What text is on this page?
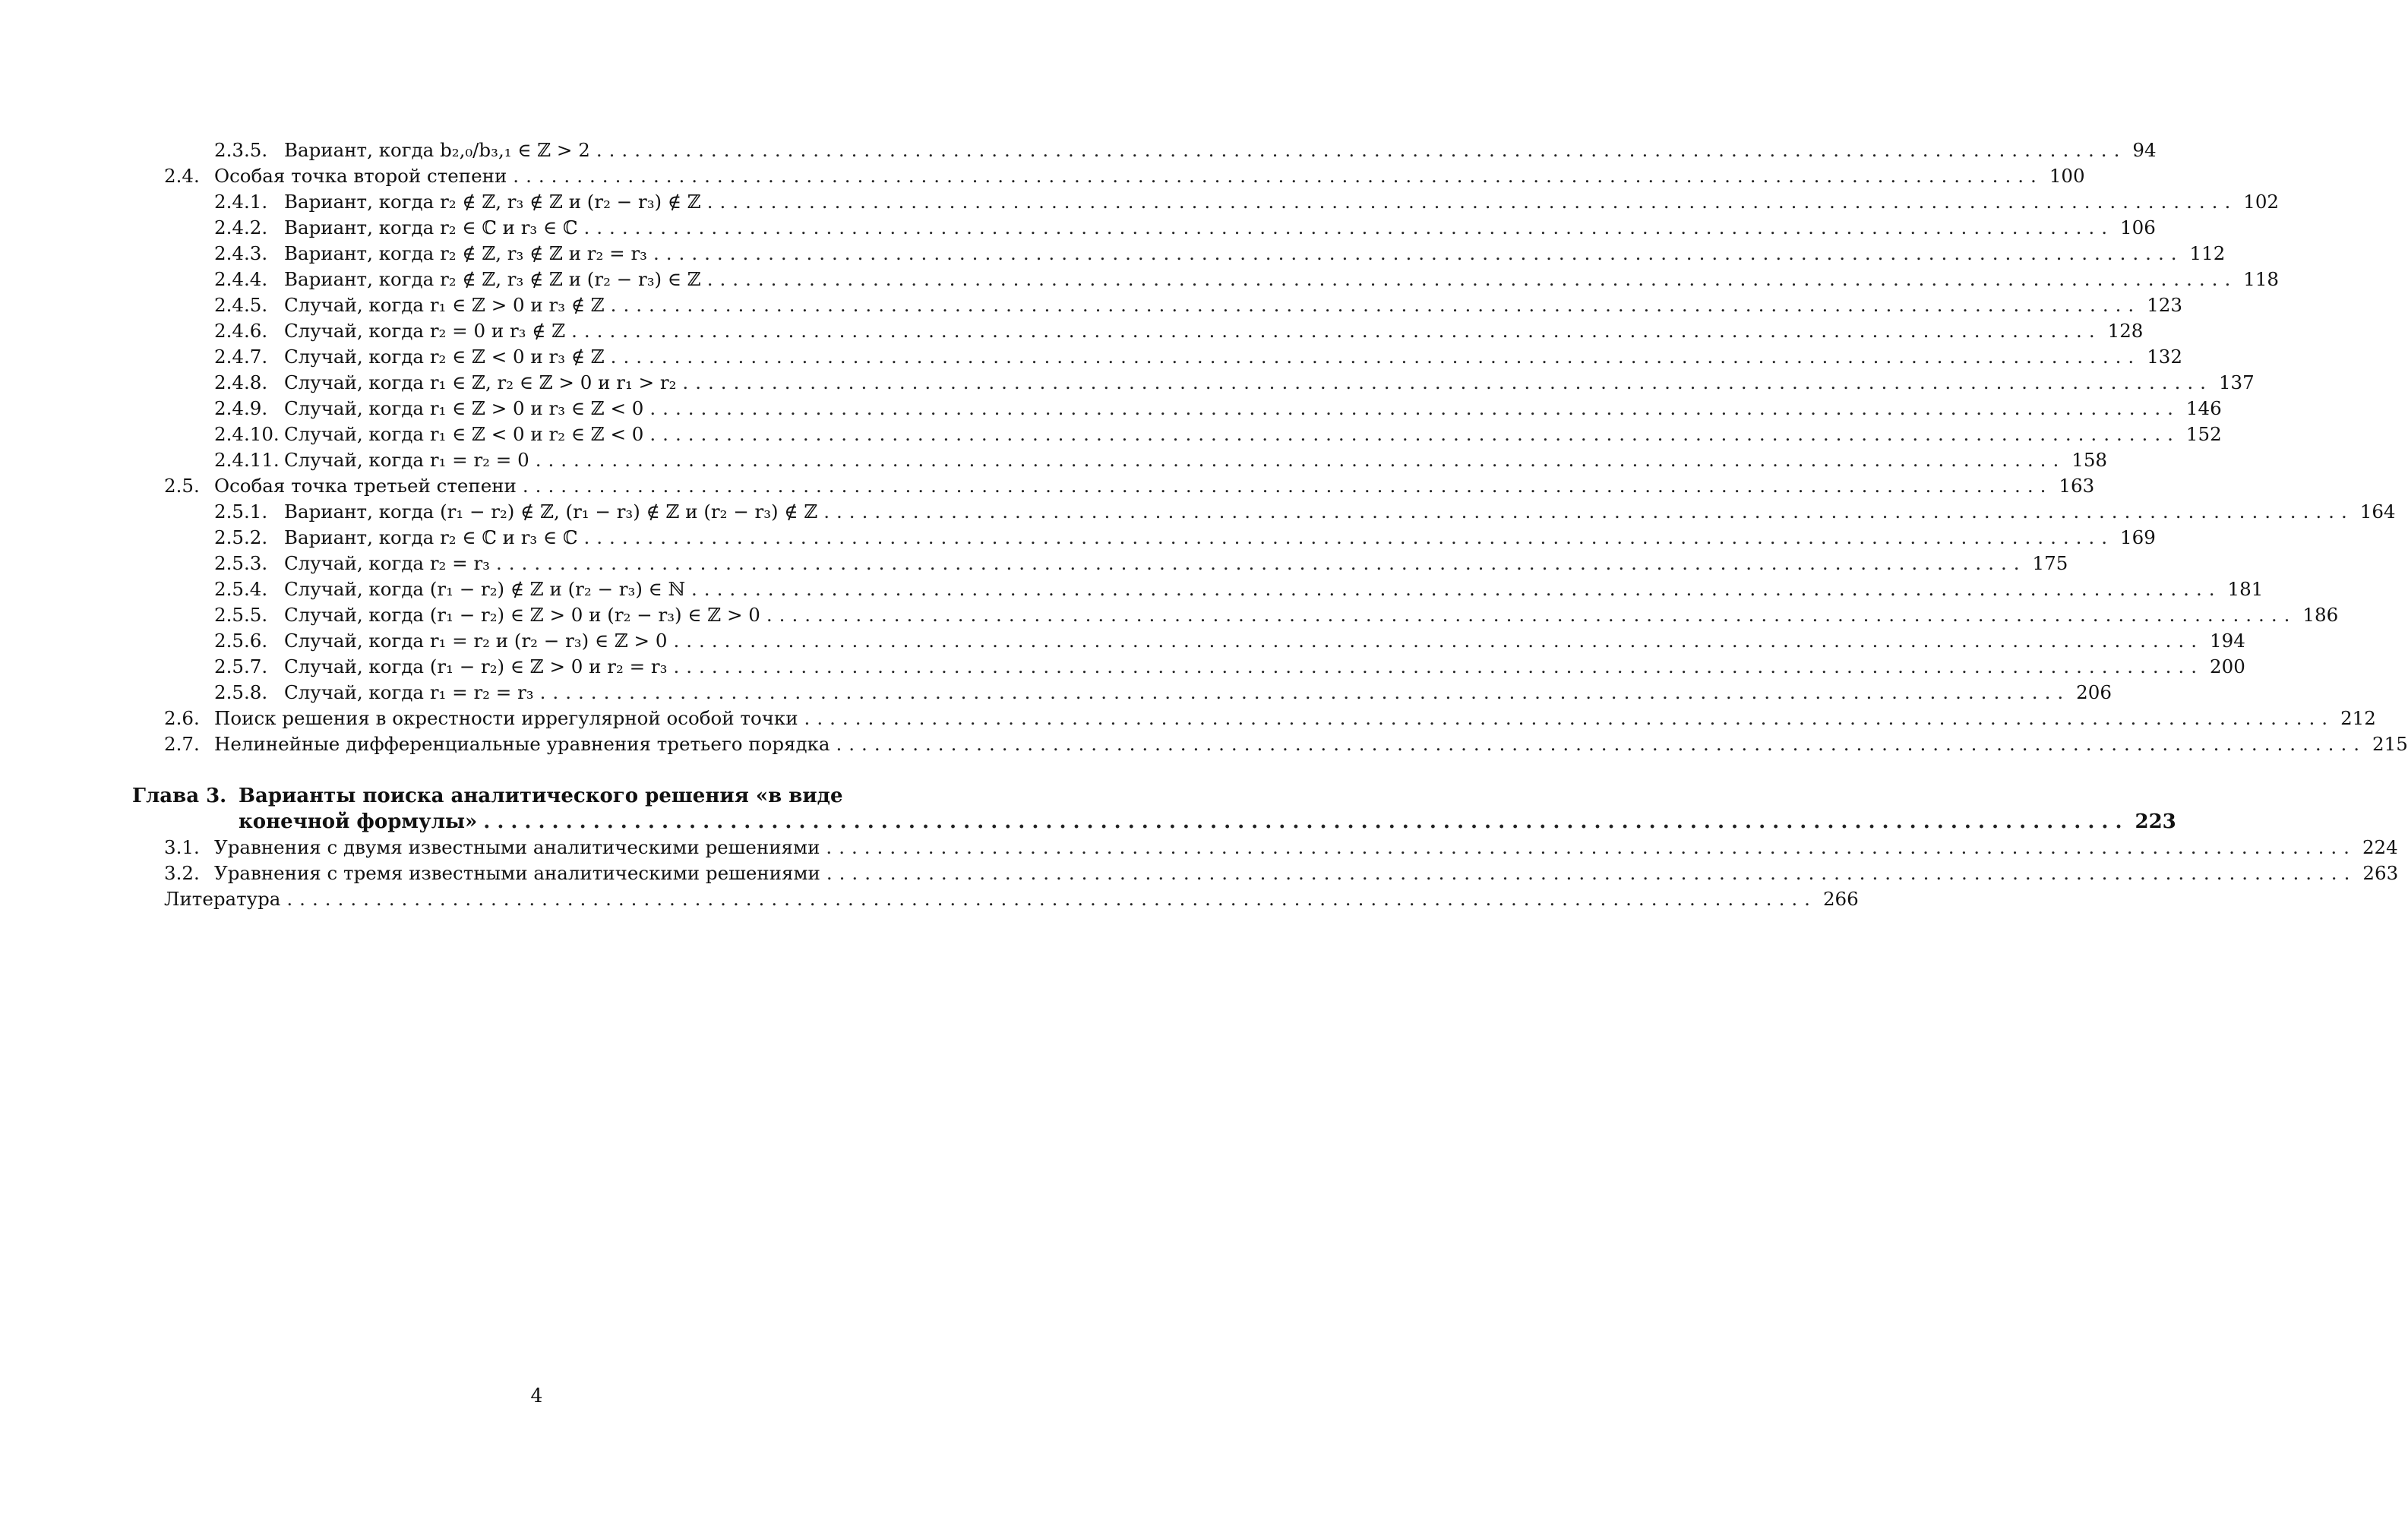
2.3.5. Вариант, когда b₂,₀/b₃,₁ ∈ ℤ > 2 ........................................................................................................................ 94
2.4. Особая точка второй степени ........................................................................................................................ 100
2.4.1. Вариант, когда r₂ ∉ ℤ, r₃ ∉ ℤ и (r₂ − r₃) ∉ ℤ ........................................................................................................................ 102
2.4.2. Вариант, когда r₂ ∈ ℂ и r₃ ∈ ℂ ........................................................................................................................ 106
2.4.3. Вариант, когда r₂ ∉ ℤ, r₃ ∉ ℤ и r₂ = r₃ ........................................................................................................................ 112
2.4.4. Вариант, когда r₂ ∉ ℤ, r₃ ∉ ℤ и (r₂ − r₃) ∈ ℤ ........................................................................................................................ 118
2.4.5. Случай, когда r₁ ∈ ℤ > 0 и r₃ ∉ ℤ ........................................................................................................................ 123
2.4.6. Случай, когда r₂ = 0 и r₃ ∉ ℤ ........................................................................................................................ 128
2.4.7. Случай, когда r₂ ∈ ℤ < 0 и r₃ ∉ ℤ ........................................................................................................................ 132
2.4.8. Случай, когда r₁ ∈ ℤ, r₂ ∈ ℤ > 0 и r₁ > r₂ ........................................................................................................................ 137
2.4.9. Случай, когда r₁ ∈ ℤ > 0 и r₃ ∈ ℤ < 0 ........................................................................................................................ 146
2.4.10. Случай, когда r₁ ∈ ℤ < 0 и r₂ ∈ ℤ < 0 ........................................................................................................................ 152
2.4.11. Случай, когда r₁ = r₂ = 0 ........................................................................................................................ 158
2.5. Особая точка третьей степени ........................................................................................................................ 163
2.5.1. Вариант, когда (r₁ − r₂) ∉ ℤ, (r₁ − r₃) ∉ ℤ и (r₂ − r₃) ∉ ℤ ........................................................................................................................ 164
2.5.2. Вариант, когда r₂ ∈ ℂ и r₃ ∈ ℂ ........................................................................................................................ 169
2.5.3. Случай, когда r₂ = r₃ ........................................................................................................................ 175
2.5.4. Случай, когда (r₁ − r₂) ∉ ℤ и (r₂ − r₃) ∈ ℕ ........................................................................................................................ 181
2.5.5. Случай, когда (r₁ − r₂) ∈ ℤ > 0 и (r₂ − r₃) ∈ ℤ > 0 ........................................................................................................................ 186
2.5.6. Случай, когда r₁ = r₂ и (r₂ − r₃) ∈ ℤ > 0 ........................................................................................................................ 194
2.5.7. Случай, когда (r₁ − r₂) ∈ ℤ > 0 и r₂ = r₃ ........................................................................................................................ 200
2.5.8. Случай, когда r₁ = r₂ = r₃ ........................................................................................................................ 206
2.6. Поиск решения в окрестности иррегулярной особой точки ........................................................................................................................ 212
2.7. Нелинейные дифференциальные уравнения третьего порядка ........................................................................................................................ 215
Глава 3. Варианты поиска аналитического решения «в виде
конечной формулы» ........................................................................................................................ 223
3.1. Уравнения с двумя известными аналитическими решениями ........................................................................................................................ 224
3.2. Уравнения с тремя известными аналитическими решениями ........................................................................................................................ 263
Литература ........................................................................................................................ 266
4
